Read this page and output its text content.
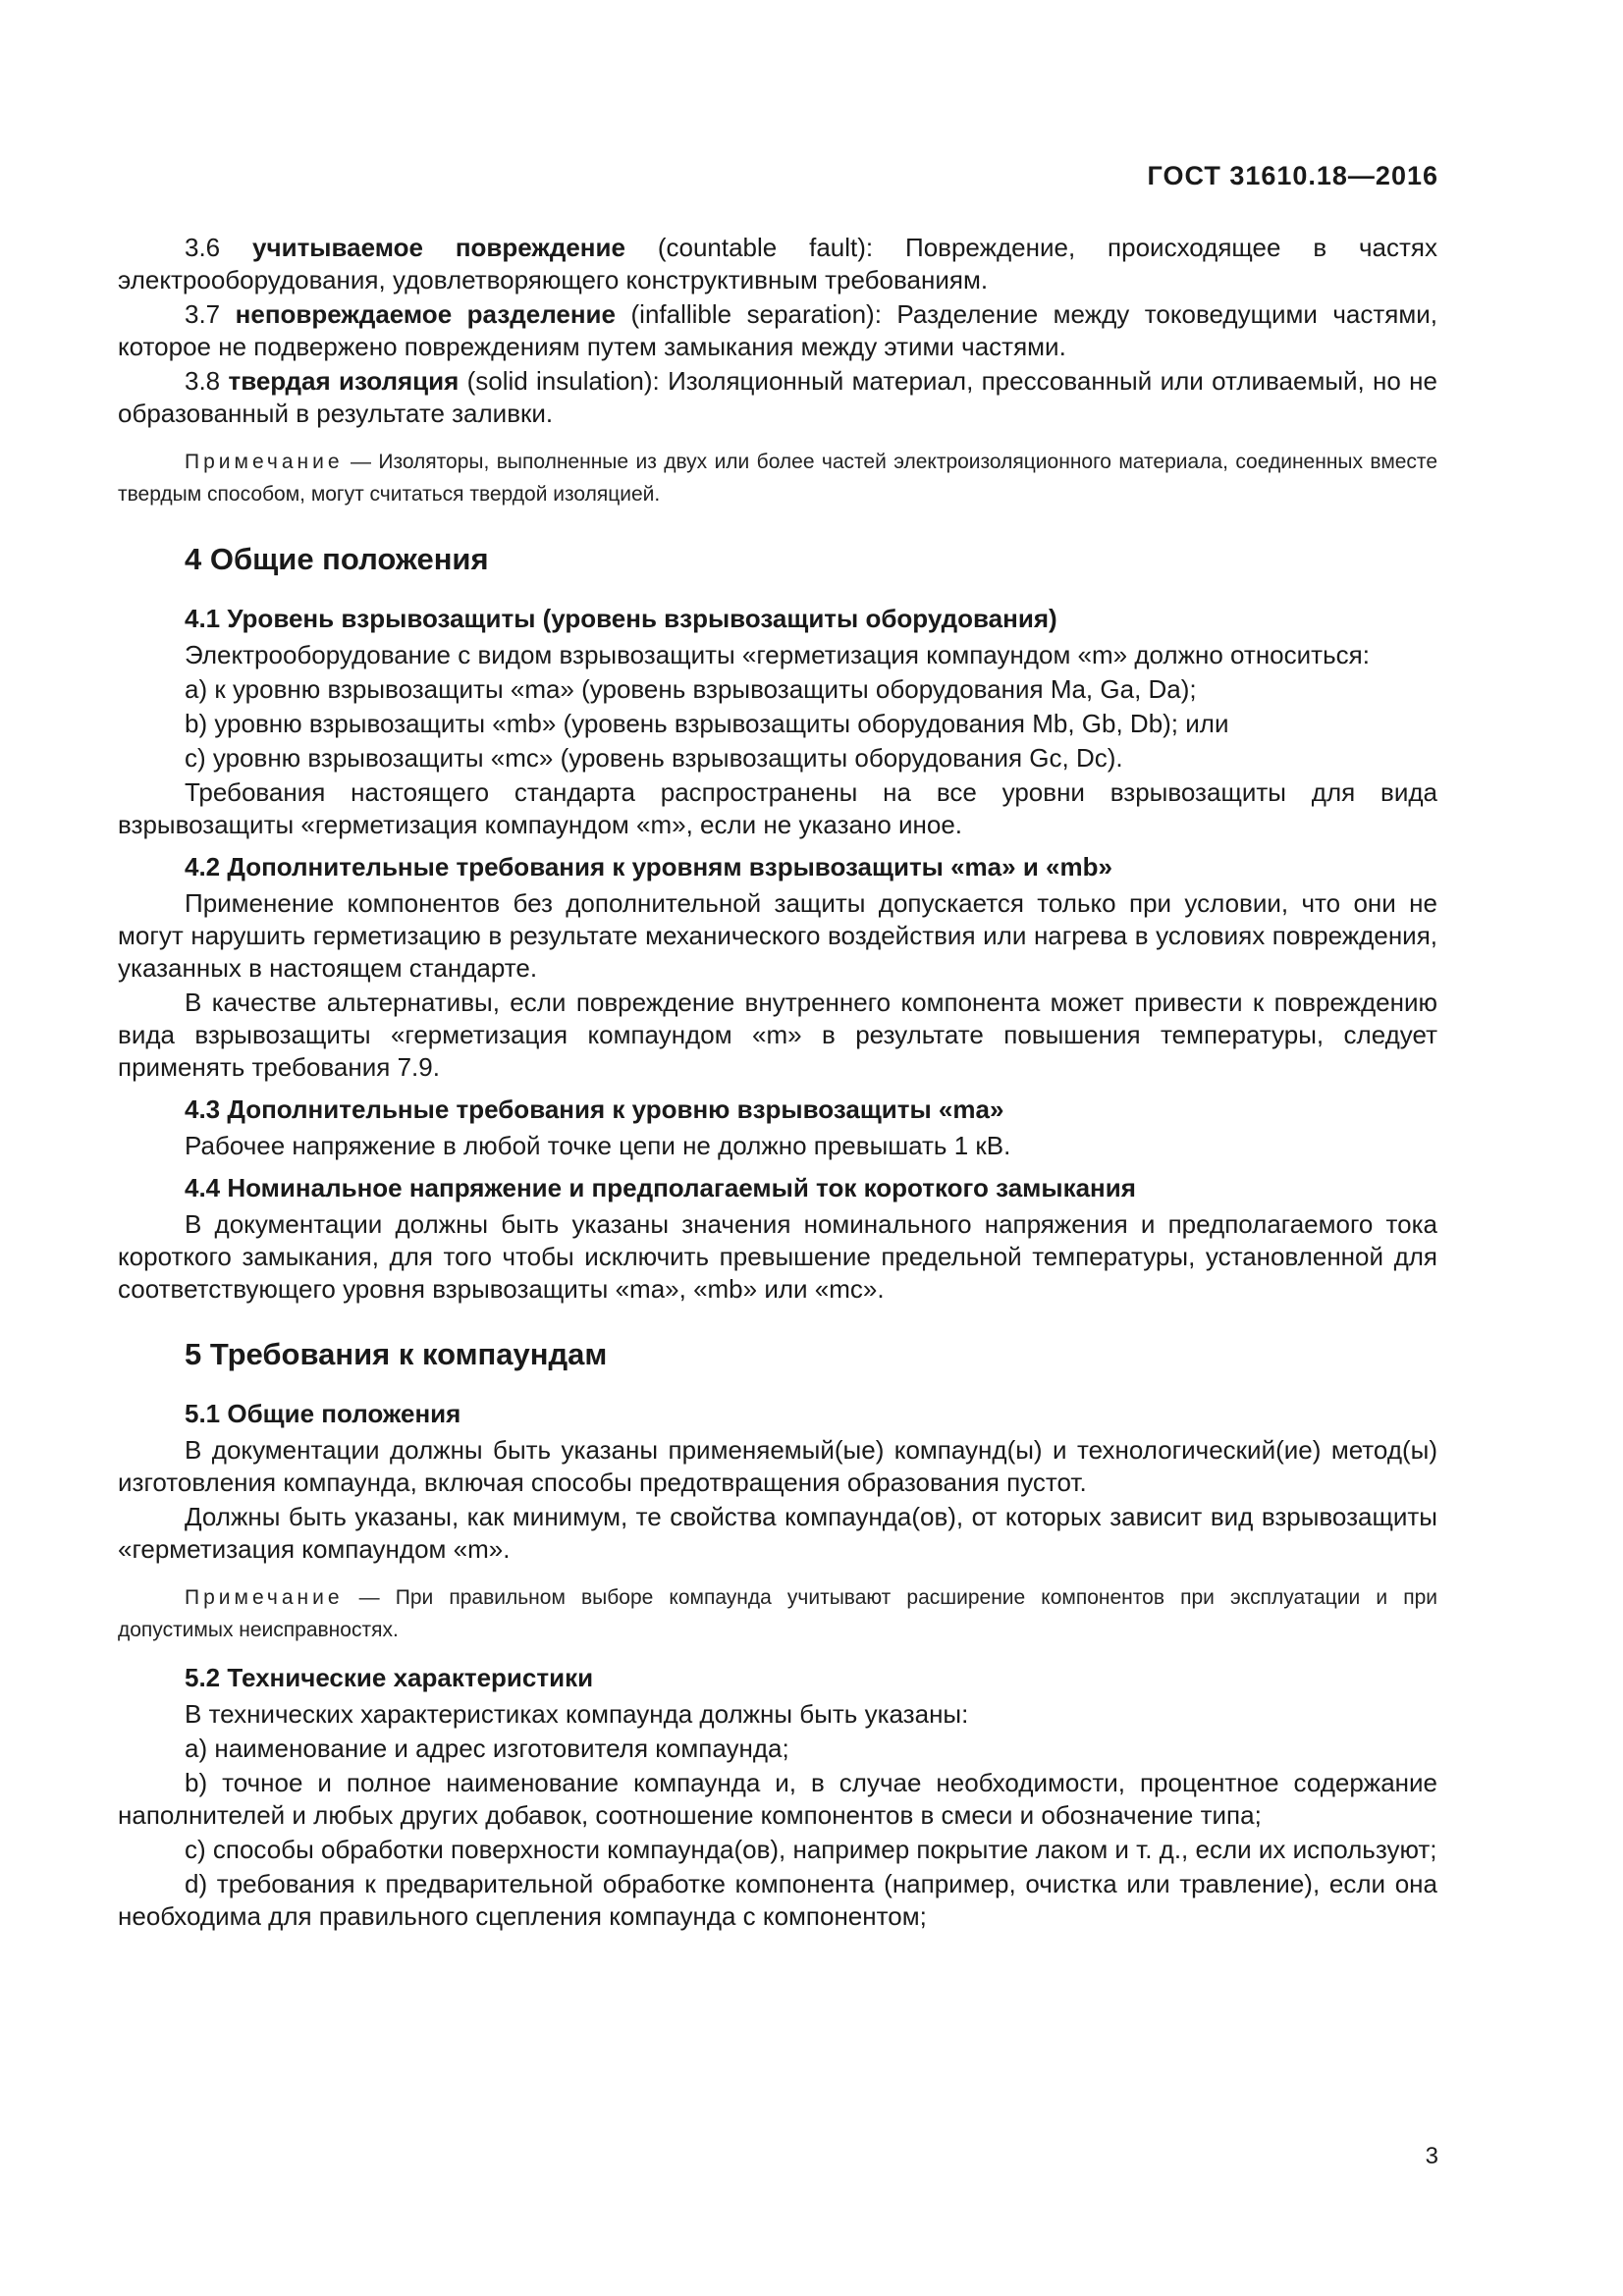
ГОСТ 31610.18—2016

3.6 учитываемое повреждение (countable fault): Повреждение, происходящее в частях электрооборудования, удовлетворяющего конструктивным требованиям.

3.7 неповреждаемое разделение (infallible separation): Разделение между токоведущими частями, которое не подвержено повреждениям путем замыкания между этими частями.

3.8 твердая изоляция (solid insulation): Изоляционный материал, прессованный или отливаемый, но не образованный в результате заливки.

Примечание — Изоляторы, выполненные из двух или более частей электроизоляционного материала, соединенных вместе твердым способом, могут считаться твердой изоляцией.

4 Общие положения
4.1 Уровень взрывозащиты (уровень взрывозащиты оборудования)

Электрооборудование с видом взрывозащиты «герметизация компаундом «m» должно относиться:

a) к уровню взрывозащиты «ma» (уровень взрывозащиты оборудования Ma, Ga, Da);

b) уровню взрывозащиты «mb» (уровень взрывозащиты оборудования Mb, Gb, Db); или

c) уровню взрывозащиты «mc» (уровень взрывозащиты оборудования Gc, Dc).

Требования настоящего стандарта распространены на все уровни взрывозащиты для вида взрывозащиты «герметизация компаундом «m», если не указано иное.

4.2 Дополнительные требования к уровням взрывозащиты «ma» и «mb»

Применение компонентов без дополнительной защиты допускается только при условии, что они не могут нарушить герметизацию в результате механического воздействия или нагрева в условиях повреждения, указанных в настоящем стандарте.

В качестве альтернативы, если повреждение внутреннего компонента может привести к повреждению вида взрывозащиты «герметизация компаундом «m» в результате повышения температуры, следует применять требования 7.9.

4.3 Дополнительные требования к уровню взрывозащиты «ma»

Рабочее напряжение в любой точке цепи не должно превышать 1 кВ.

4.4 Номинальное напряжение и предполагаемый ток короткого замыкания

В документации должны быть указаны значения номинального напряжения и предполагаемого тока короткого замыкания, для того чтобы исключить превышение предельной температуры, установленной для соответствующего уровня взрывозащиты «ma», «mb» или «mc».

5 Требования к компаундам
5.1 Общие положения

В документации должны быть указаны применяемый(ые) компаунд(ы) и технологический(ие) метод(ы) изготовления компаунда, включая способы предотвращения образования пустот.

Должны быть указаны, как минимум, те свойства компаунда(ов), от которых зависит вид взрывозащиты «герметизация компаундом «m».

Примечание — При правильном выборе компаунда учитывают расширение компонентов при эксплуатации и при допустимых неисправностях.

5.2 Технические характеристики

В технических характеристиках компаунда должны быть указаны:

a) наименование и адрес изготовителя компаунда;

b) точное и полное наименование компаунда и, в случае необходимости, процентное содержание наполнителей и любых других добавок, соотношение компонентов в смеси и обозначение типа;

c) способы обработки поверхности компаунда(ов), например покрытие лаком и т. д., если их используют;

d) требования к предварительной обработке компонента (например, очистка или травление), если она необходима для правильного сцепления компаунда с компонентом;

3
